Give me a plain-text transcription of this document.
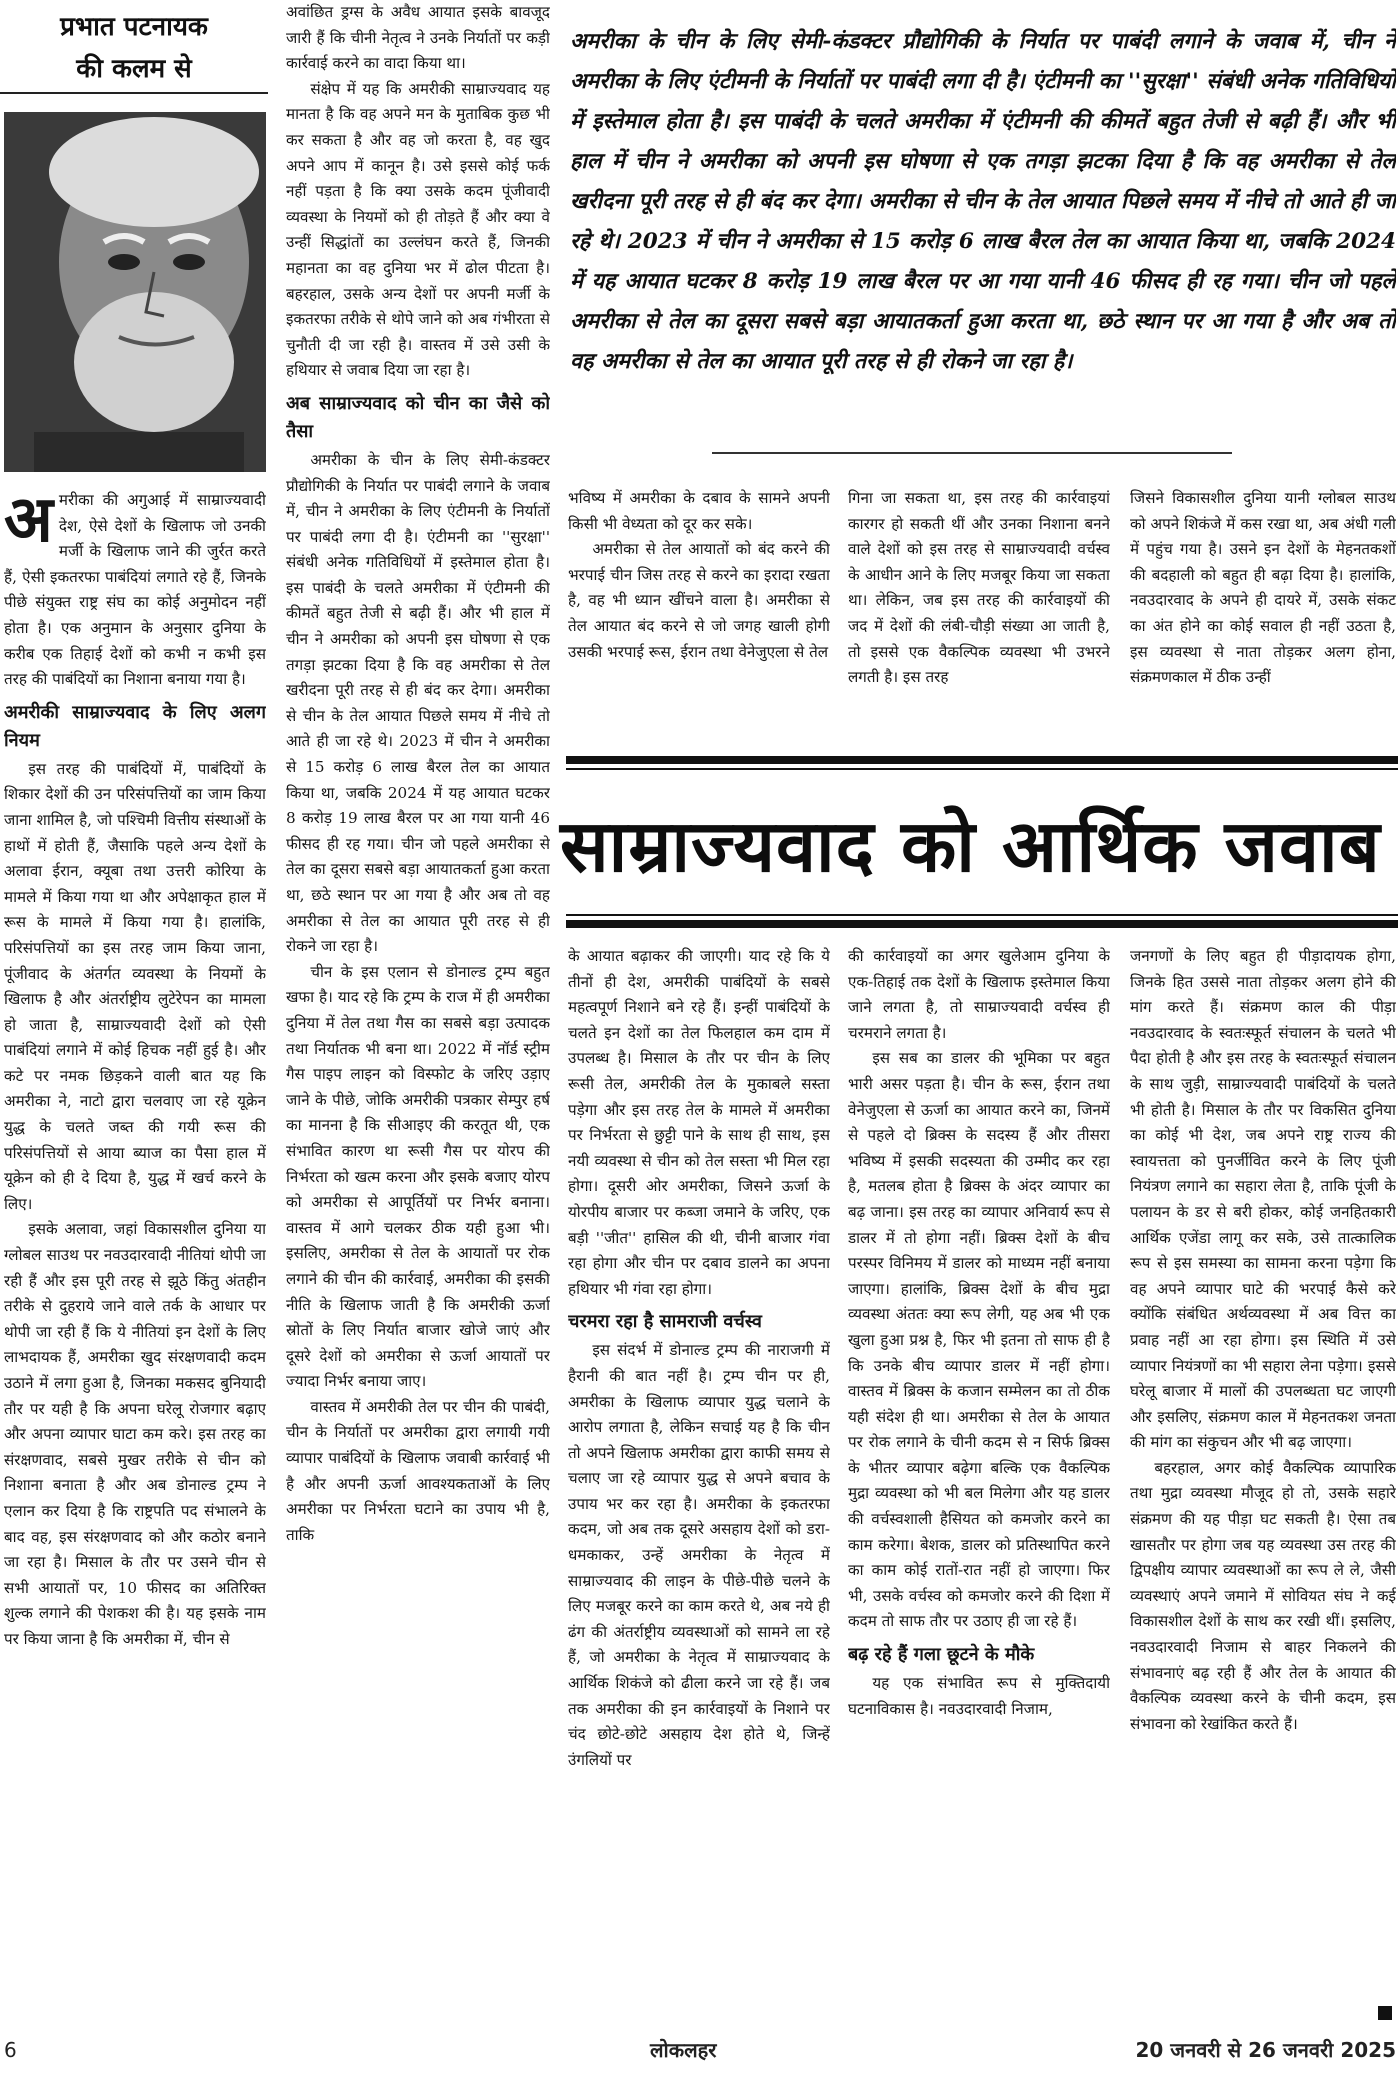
प्रभात पटनायक
की कलम से

अमरीका की अगुआई में साम्राज्यवादी देश, ऐसे देशों के खिलाफ जो उनकी मर्जी के खिलाफ जाने की जुर्रत करते हैं, ऐसी इकतरफा पाबंदियां लगाते रहे हैं, जिनके पीछे संयुक्त राष्ट्र संघ का कोई अनुमोदन नहीं होता है। एक अनुमान के अनुसार दुनिया के करीब एक तिहाई देशों को कभी न कभी इस तरह की पाबंदियों का निशाना बनाया गया है।

अमरीकी साम्राज्यवाद के लिए अलग नियम

इस तरह की पाबंदियों में, पाबंदियों के शिकार देशों की उन परिसंपत्तियों का जाम किया जाना शामिल है, जो पश्चिमी वित्तीय संस्थाओं के हाथों में होती हैं, जैसाकि पहले अन्य देशों के अलावा ईरान, क्यूबा तथा उत्तरी कोरिया के मामले में किया गया था और अपेक्षाकृत हाल में रूस के मामले में किया गया है। हालांकि, परिसंपत्तियों का इस तरह जाम किया जाना, पूंजीवाद के अंतर्गत व्यवस्था के नियमों के खिलाफ है और अंतर्राष्ट्रीय लुटेरेपन का मामला हो जाता है, साम्राज्यवादी देशों को ऐसी पाबंदियां लगाने में कोई हिचक नहीं हुई है। और कटे पर नमक छिड़कने वाली बात यह कि अमरीका ने, नाटो द्वारा चलवाए जा रहे यूक्रेन युद्ध के चलते जब्त की गयी रूस की परिसंपत्तियों से आया ब्याज का पैसा हाल में यूक्रेन को ही दे दिया है, युद्ध में खर्च करने के लिए।

इसके अलावा, जहां विकासशील दुनिया या ग्लोबल साउथ पर नवउदारवादी नीतियां थोपी जा रही हैं और इस पूरी तरह से झूठे किंतु अंतहीन तरीके से दुहराये जाने वाले तर्क के आधार पर थोपी जा रही हैं कि ये नीतियां इन देशों के लिए लाभदायक हैं, अमरीका खुद संरक्षणवादी कदम उठाने में लगा हुआ है, जिनका मकसद बुनियादी तौर पर यही है कि अपना घरेलू रोजगार बढ़ाए और अपना व्यापार घाटा कम करे। इस तरह का संरक्षणवाद, सबसे मुखर तरीके से चीन को निशाना बनाता है और अब डोनाल्ड ट्रम्प ने एलान कर दिया है कि राष्ट्रपति पद संभालने के बाद वह, इस संरक्षणवाद को और कठोर बनाने जा रहा है। मिसाल के तौर पर उसने चीन से सभी आयातों पर, 10 फीसद का अतिरिक्त शुल्क लगाने की पेशकश की है। यह इसके नाम पर किया जाना है कि अमरीका में, चीन से

अवांछित ड्रग्स के अवैध आयात इसके बावजूद जारी हैं कि चीनी नेतृत्व ने उनके निर्यातों पर कड़ी कार्रवाई करने का वादा किया था।

संक्षेप में यह कि अमरीकी साम्राज्यवाद यह मानता है कि वह अपने मन के मुताबिक कुछ भी कर सकता है और वह जो करता है, वह खुद अपने आप में कानून है। उसे इससे कोई फर्क नहीं पड़ता है कि क्या उसके कदम पूंजीवादी व्यवस्था के नियमों को ही तोड़ते हैं और क्या वे उन्हीं सिद्धांतों का उल्लंघन करते हैं, जिनकी महानता का वह दुनिया भर में ढोल पीटता है। बहरहाल, उसके अन्य देशों पर अपनी मर्जी के इकतरफा तरीके से थोपे जाने को अब गंभीरता से चुनौती दी जा रही है। वास्तव में उसे उसी के हथियार से जवाब दिया जा रहा है।

अब साम्राज्यवाद को चीन का जैसे को तैसा

अमरीका के चीन के लिए सेमी-कंडक्टर प्रौद्योगिकी के निर्यात पर पाबंदी लगाने के जवाब में, चीन ने अमरीका के लिए एंटीमनी के निर्यातों पर पाबंदी लगा दी है। एंटीमनी का ''सुरक्षा'' संबंधी अनेक गतिविधियों में इस्तेमाल होता है। इस पाबंदी के चलते अमरीका में एंटीमनी की कीमतें बहुत तेजी से बढ़ी हैं। और भी हाल में चीन ने अमरीका को अपनी इस घोषणा से एक तगड़ा झटका दिया है कि वह अमरीका से तेल खरीदना पूरी तरह से ही बंद कर देगा। अमरीका से चीन के तेल आयात पिछले समय में नीचे तो आते ही जा रहे थे। 2023 में चीन ने अमरीका से 15 करोड़ 6 लाख बैरल तेल का आयात किया था, जबकि 2024 में यह आयात घटकर 8 करोड़ 19 लाख बैरल पर आ गया यानी 46 फीसद ही रह गया। चीन जो पहले अमरीका से तेल का दूसरा सबसे बड़ा आयातकर्ता हुआ करता था, छठे स्थान पर आ गया है और अब तो वह अमरीका से तेल का आयात पूरी तरह से ही रोकने जा रहा है।

चीन के इस एलान से डोनाल्ड ट्रम्प बहुत खफा है। याद रहे कि ट्रम्प के राज में ही अमरीका दुनिया में तेल तथा गैस का सबसे बड़ा उत्पादक तथा निर्यातक भी बना था। 2022 में नॉर्ड स्ट्रीम गैस पाइप लाइन को विस्फोट के जरिए उड़ाए जाने के पीछे, जोकि अमरीकी पत्रकार सेम्पुर हर्ष का मानना है कि सीआइए की करतूत थी, एक संभावित कारण था रूसी गैस पर योरप की निर्भरता को खत्म करना और इसके बजाए योरप को अमरीका से आपूर्तियों पर निर्भर बनाना। वास्तव में आगे चलकर ठीक यही हुआ भी। इसलिए, अमरीका से तेल के आयातों पर रोक लगाने की चीन की कार्रवाई, अमरीका की इसकी नीति के खिलाफ जाती है कि अमरीकी ऊर्जा स्रोतों के लिए निर्यात बाजार खोजे जाएं और दूसरे देशों को अमरीका से ऊर्जा आयातों पर ज्यादा निर्भर बनाया जाए।

वास्तव में अमरीकी तेल पर चीन की पाबंदी, चीन के निर्यातों पर अमरीका द्वारा लगायी गयी व्यापार पाबंदियों के खिलाफ जवाबी कार्रवाई भी है और अपनी ऊर्जा आवश्यकताओं के लिए अमरीका पर निर्भरता घटाने का उपाय भी है, ताकि

अमरीका के चीन के लिए सेमी-कंडक्टर प्रौद्योगिकी के निर्यात पर पाबंदी लगाने के जवाब में, चीन ने अमरीका के लिए एंटीमनी के निर्यातों पर पाबंदी लगा दी है। एंटीमनी का ''सुरक्षा'' संबंधी अनेक गतिविधियों में इस्तेमाल होता है। इस पाबंदी के चलते अमरीका में एंटीमनी की कीमतें बहुत तेजी से बढ़ी हैं। और भी हाल में चीन ने अमरीका को अपनी इस घोषणा से एक तगड़ा झटका दिया है कि वह अमरीका से तेल खरीदना पूरी तरह से ही बंद कर देगा। अमरीका से चीन के तेल आयात पिछले समय में नीचे तो आते ही जा रहे थे। 2023 में चीन ने अमरीका से 15 करोड़ 6 लाख बैरल तेल का आयात किया था, जबकि 2024 में यह आयात घटकर 8 करोड़ 19 लाख बैरल पर आ गया यानी 46 फीसद ही रह गया। चीन जो पहले अमरीका से तेल का दूसरा सबसे बड़ा आयातकर्ता हुआ करता था, छठे स्थान पर आ गया है और अब तो वह अमरीका से तेल का आयात पूरी तरह से ही रोकने जा रहा है।

भविष्य में अमरीका के दबाव के सामने अपनी किसी भी वेध्यता को दूर कर सके।

अमरीका से तेल आयातों को बंद करने की भरपाई चीन जिस तरह से करने का इरादा रखता है, वह भी ध्यान खींचने वाला है। अमरीका से तेल आयात बंद करने से जो जगह खाली होगी उसकी भरपाई रूस, ईरान तथा वेनेजुएला से तेल

गिना जा सकता था, इस तरह की कार्रवाइयां कारगर हो सकती थीं और उनका निशाना बनने वाले देशों को इस तरह से साम्राज्यवादी वर्चस्व के आधीन आने के लिए मजबूर किया जा सकता था। लेकिन, जब इस तरह की कार्रवाइयों की जद में देशों की लंबी-चौड़ी संख्या आ जाती है, तो इससे एक वैकल्पिक व्यवस्था भी उभरने लगती है। इस तरह

जिसने विकासशील दुनिया यानी ग्लोबल साउथ को अपने शिकंजे में कस रखा था, अब अंधी गली में पहुंच गया है। उसने इन देशों के मेहनतकशों की बदहाली को बहुत ही बढ़ा दिया है। हालांकि, नवउदारवाद के अपने ही दायरे में, उसके संकट का अंत होने का कोई सवाल ही नहीं उठता है, इस व्यवस्था से नाता तोड़कर अलग होना, संक्रमणकाल में ठीक उन्हीं

साम्राज्यवाद को आर्थिक जवाब

के आयात बढ़ाकर की जाएगी। याद रहे कि ये तीनों ही देश, अमरीकी पाबंदियों के सबसे महत्वपूर्ण निशाने बने रहे हैं। इन्हीं पाबंदियों के चलते इन देशों का तेल फिलहाल कम दाम में उपलब्ध है। मिसाल के तौर पर चीन के लिए रूसी तेल, अमरीकी तेल के मुकाबले सस्ता पड़ेगा और इस तरह तेल के मामले में अमरीका पर निर्भरता से छुट्टी पाने के साथ ही साथ, इस नयी व्यवस्था से चीन को तेल सस्ता भी मिल रहा होगा। दूसरी ओर अमरीका, जिसने ऊर्जा के योरपीय बाजार पर कब्जा जमाने के जरिए, एक बड़ी ''जीत'' हासिल की थी, चीनी बाजार गंवा रहा होगा और चीन पर दबाव डालने का अपना हथियार भी गंवा रहा होगा।

चरमरा रहा है सामराजी वर्चस्व

इस संदर्भ में डोनाल्ड ट्रम्प की नाराजगी में हैरानी की बात नहीं है। ट्रम्प चीन पर ही, अमरीका के खिलाफ व्यापार युद्ध चलाने के आरोप लगाता है, लेकिन सचाई यह है कि चीन तो अपने खिलाफ अमरीका द्वारा काफी समय से चलाए जा रहे व्यापार युद्ध से अपने बचाव के उपाय भर कर रहा है। अमरीका के इकतरफा कदम, जो अब तक दूसरे असहाय देशों को डरा-धमकाकर, उन्हें अमरीका के नेतृत्व में साम्राज्यवाद की लाइन के पीछे-पीछे चलने के लिए मजबूर करने का काम करते थे, अब नये ही ढंग की अंतर्राष्ट्रीय व्यवस्थाओं को सामने ला रहे हैं, जो अमरीका के नेतृत्व में साम्राज्यवाद के आर्थिक शिकंजे को ढीला करने जा रहे हैं। जब तक अमरीका की इन कार्रवाइयों के निशाने पर चंद छोटे-छोटे असहाय देश होते थे, जिन्हें उंगलियों पर

की कार्रवाइयों का अगर खुलेआम दुनिया के एक-तिहाई तक देशों के खिलाफ इस्तेमाल किया जाने लगता है, तो साम्राज्यवादी वर्चस्व ही चरमराने लगता है।

इस सब का डालर की भूमिका पर बहुत भारी असर पड़ता है। चीन के रूस, ईरान तथा वेनेजुएला से ऊर्जा का आयात करने का, जिनमें से पहले दो ब्रिक्स के सदस्य हैं और तीसरा भविष्य में इसकी सदस्यता की उम्मीद कर रहा है, मतलब होता है ब्रिक्स के अंदर व्यापार का बढ़ जाना। इस तरह का व्यापार अनिवार्य रूप से डालर में तो होगा नहीं। ब्रिक्स देशों के बीच परस्पर विनिमय में डालर को माध्यम नहीं बनाया जाएगा। हालांकि, ब्रिक्स देशों के बीच मुद्रा व्यवस्था अंततः क्या रूप लेगी, यह अब भी एक खुला हुआ प्रश्न है, फिर भी इतना तो साफ ही है कि उनके बीच व्यापार डालर में नहीं होगा। वास्तव में ब्रिक्स के कजान सम्मेलन का तो ठीक यही संदेश ही था। अमरीका से तेल के आयात पर रोक लगाने के चीनी कदम से न सिर्फ ब्रिक्स के भीतर व्यापार बढ़ेगा बल्कि एक वैकल्पिक मुद्रा व्यवस्था को भी बल मिलेगा और यह डालर की वर्चस्वशाली हैसियत को कमजोर करने का काम करेगा। बेशक, डालर को प्रतिस्थापित करने का काम कोई रातों-रात नहीं हो जाएगा। फिर भी, उसके वर्चस्व को कमजोर करने की दिशा में कदम तो साफ तौर पर उठाए ही जा रहे हैं।

बढ़ रहे हैं गला छूटने के मौके

यह एक संभावित रूप से मुक्तिदायी घटनाविकास है। नवउदारवादी निजाम,

जनगणों के लिए बहुत ही पीड़ादायक होगा, जिनके हित उससे नाता तोड़कर अलग होने की मांग करते हैं। संक्रमण काल की पीड़ा नवउदारवाद के स्वतःस्फूर्त संचालन के चलते भी पैदा होती है और इस तरह के स्वतःस्फूर्त संचालन के साथ जुड़ी, साम्राज्यवादी पाबंदियों के चलते भी होती है। मिसाल के तौर पर विकसित दुनिया का कोई भी देश, जब अपने राष्ट्र राज्य की स्वायत्तता को पुनर्जीवित करने के लिए पूंजी नियंत्रण लगाने का सहारा लेता है, ताकि पूंजी के पलायन के डर से बरी होकर, कोई जनहितकारी आर्थिक एजेंडा लागू कर सके, उसे तात्कालिक रूप से इस समस्या का सामना करना पड़ेगा कि वह अपने व्यापार घाटे की भरपाई कैसे करे क्योंकि संबंधित अर्थव्यवस्था में अब वित्त का प्रवाह नहीं आ रहा होगा। इस स्थिति में उसे व्यापार नियंत्रणों का भी सहारा लेना पड़ेगा। इससे घरेलू बाजार में मालों की उपलब्धता घट जाएगी और इसलिए, संक्रमण काल में मेहनतकश जनता की मांग का संकुचन और भी बढ़ जाएगा।

बहरहाल, अगर कोई वैकल्पिक व्यापारिक तथा मुद्रा व्यवस्था मौजूद हो तो, उसके सहारे संक्रमण की यह पीड़ा घट सकती है। ऐसा तब खासतौर पर होगा जब यह व्यवस्था उस तरह की द्विपक्षीय व्यापार व्यवस्थाओं का रूप ले ले, जैसी व्यवस्थाएं अपने जमाने में सोवियत संघ ने कई विकासशील देशों के साथ कर रखी थीं। इसलिए, नवउदारवादी निजाम से बाहर निकलने की संभावनाएं बढ़ रही हैं और तेल के आयात की वैकल्पिक व्यवस्था करने के चीनी कदम, इस संभावना को रेखांकित करते हैं।

6	लोकलहर	20 जनवरी से 26 जनवरी 2025
